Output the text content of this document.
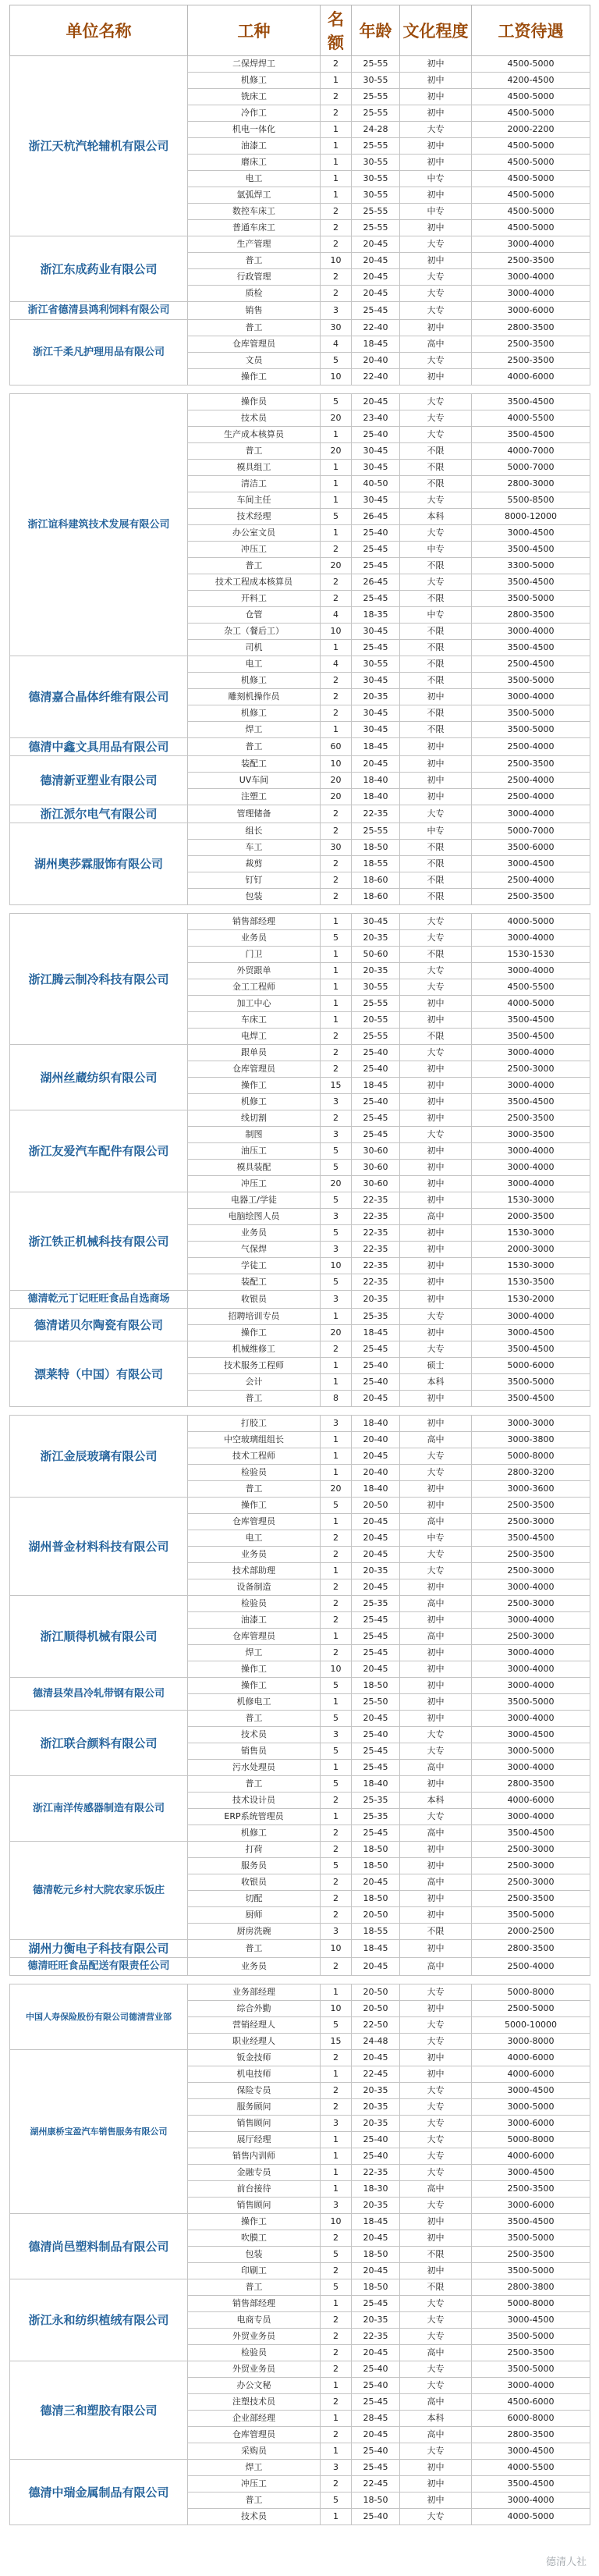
单位名称	工种	名额	年龄	文化程度	工资待遇
浙江天杭汽轮辅机有限公司	二保焊焊工	2	25-55	初中	4500-5000
	机修工	1	30-55	初中	4200-4500
	铣床工	2	25-55	初中	4500-5000
	冷作工	2	25-55	初中	4500-5000
	机电一体化	1	24-28	大专	2000-2200
	油漆工	1	25-55	初中	4500-5000
	磨床工	1	30-55	初中	4500-5000
	电工	1	30-55	中专	4500-5000
	氩弧焊工	1	30-55	初中	4500-5000
	数控车床工	2	25-55	中专	4500-5000
	普通车床工	2	25-55	初中	4500-5000
浙江东成药业有限公司	生产管理	2	20-45	大专	3000-4000
	普工	10	20-45	初中	2500-3500
	行政管理	2	20-45	大专	3000-4000
	质检	2	20-45	大专	3000-4000
浙江省德清县鸿利饲料有限公司	销售	3	25-45	大专	3000-6000
浙江千柔凡护理用品有限公司	普工	30	22-40	初中	2800-3500
	仓库管理员	4	18-45	高中	2500-3500
	文员	5	20-40	大专	2500-3500
	操作工	10	22-40	初中	4000-6000

浙江谊科建筑技术发展有限公司	操作员	5	20-45	大专	3500-4500
	技术员	20	23-40	大专	4000-5500
	生产成本核算员	1	25-40	大专	3500-4500
	普工	20	30-45	不限	4000-7000
	模具组工	1	30-45	不限	5000-7000
	清洁工	1	40-50	不限	2800-3000
	车间主任	1	30-45	大专	5500-8500
	技术经理	5	26-45	本科	8000-12000
	办公室文员	1	25-40	大专	3000-4500
	冲压工	2	25-45	中专	3500-4500
	普工	20	25-45	不限	3300-5000
	技术工程成本核算员	2	26-45	大专	3500-4500
	开料工	2	25-45	不限	3500-5000
	仓管	4	18-35	中专	2800-3500
	杂工（餐后工）	10	30-45	不限	3000-4000
	司机	1	25-45	不限	3500-4500
德清嘉合晶体纤维有限公司	电工	4	30-55	不限	2500-4500
	机修工	2	30-45	不限	3500-5000
	雕刻机操作员	2	20-35	初中	3000-4000
	机修工	2	30-45	不限	3500-5000
	焊工	1	30-45	不限	3500-5000
德清中鑫文具用品有限公司	普工	60	18-45	初中	2500-4000
德清新亚塑业有限公司	装配工	10	20-45	初中	2500-3500
	UV车间	20	18-40	初中	2500-4000
	注塑工	20	18-40	初中	2500-4000
浙江派尔电气有限公司	管理储备	2	22-35	大专	3000-4000
湖州奥莎霖服饰有限公司	组长	2	25-55	中专	5000-7000
	车工	30	18-50	不限	3500-6000
	裁剪	2	18-55	不限	3000-4500
	钉钉	2	18-60	不限	2500-4000
	包装	2	18-60	不限	2500-3500

浙江腾云制冷科技有限公司	销售部经理	1	30-45	大专	4000-5000
	业务员	5	20-35	大专	3000-4000
	门卫	1	50-60	不限	1530-1530
	外贸跟单	1	20-35	大专	3000-4000
	金工工程师	1	30-55	大专	4500-5500
	加工中心	1	25-55	初中	4000-5000
	车床工	1	20-55	初中	3500-4500
	电焊工	2	25-55	不限	3500-4500
湖州丝蔵纺织有限公司	跟单员	2	25-40	大专	3000-4000
	仓库管理员	2	25-40	初中	2500-3000
	操作工	15	18-45	初中	3000-4000
	机修工	3	25-40	初中	3500-4500
浙江友爱汽车配件有限公司	线切割	2	25-45	初中	2500-3500
	制图	3	25-45	大专	3000-3500
	油压工	5	30-60	初中	3000-4000
	模具装配	5	30-60	初中	3000-4000
	冲压工	20	30-60	初中	3000-4000
浙江铁正机械科技有限公司	电器工/学徒	5	22-35	初中	1530-3000
	电脑绘图人员	3	22-35	高中	2000-3500
	业务员	5	22-35	初中	1530-3000
	气保焊	3	22-35	初中	2000-3000
	学徒工	10	22-35	初中	1530-3000
	装配工	5	22-35	初中	1530-3500
德清乾元丁记旺旺食品自选商场	收银员	3	20-35	初中	1530-2000
德清诺贝尔陶瓷有限公司	招聘培训专员	1	25-35	大专	3000-4000
	操作工	20	18-45	初中	3000-4500
漂莱特（中国）有限公司	机械维修工	2	25-45	大专	3500-4500
	技术服务工程师	1	25-40	硕士	5000-6000
	会计	1	25-40	本科	3500-5000
	普工	8	20-45	初中	3500-4500

浙江金辰玻璃有限公司	打胶工	3	18-40	初中	3000-3000
	中空玻璃组组长	1	20-40	高中	3000-3800
	技术工程师	1	20-45	大专	5000-8000
	检验员	1	20-40	大专	2800-3200
	普工	20	18-40	初中	3000-3600
湖州普金材料科技有限公司	操作工	5	20-50	初中	2500-3500
	仓库管理员	1	20-45	高中	2500-3000
	电工	2	20-45	中专	3500-4500
	业务员	2	20-45	大专	2500-3500
	技术部助理	1	20-35	大专	2500-3000
	设备制造	2	20-45	初中	3000-4000
浙江顺得机械有限公司	检验员	2	25-35	高中	2500-3000
	油漆工	2	25-45	初中	3000-4000
	仓库管理员	1	25-45	高中	2500-3000
	焊工	2	25-45	初中	3000-4000
	操作工	10	20-45	初中	3000-4000
德清县荣昌冷轧带钢有限公司	操作工	5	18-50	初中	3000-4000
	机修电工	1	25-50	初中	3500-5000
浙江联合颜料有限公司	普工	5	20-45	初中	3000-4000
	技术员	3	25-40	大专	3000-4500
	销售员	5	25-45	大专	3000-5000
	污水处理员	1	25-45	高中	3000-4000
浙江南洋传感器制造有限公司	普工	5	18-40	初中	2800-3500
	技术设计员	2	25-35	本科	4000-6000
	ERP系统管理员	1	25-35	大专	3000-4000
	机修工	2	25-45	高中	3500-4500
德清乾元乡村大院农家乐饭庄	打荷	2	18-50	初中	2500-3000
	服务员	5	18-50	初中	2500-3000
	收银员	2	20-45	高中	2500-3000
	切配	2	18-50	初中	2500-3500
	厨师	2	20-50	初中	3500-5000
	厨房洗碗	3	18-55	不限	2000-2500
湖州力衡电子科技有限公司	普工	10	18-45	初中	2800-3500
德清旺旺食品配送有限责任公司	业务员	2	20-45	高中	2500-4000

中国人寿保险股份有限公司德清营业部	业务部经理	1	20-50	大专	5000-8000
	综合外勤	10	20-50	初中	2500-5000
	营销经理人	5	22-50	大专	5000-10000
	职业经理人	15	24-48	大专	3000-8000
湖州康桥宝盈汽车销售服务有限公司	钣金技师	2	20-45	初中	4000-6000
	机电技师	1	22-45	初中	4000-6000
	保险专员	2	20-35	大专	3000-4500
	服务顾问	2	20-35	大专	3000-5000
	销售顾问	3	20-35	大专	3000-6000
	展厅经理	1	25-40	大专	5000-8000
	销售内训师	1	25-40	大专	4000-6000
	金融专员	1	22-35	大专	3000-4500
	前台接待	1	18-30	高中	2500-3500
	销售顾问	3	20-35	大专	3000-6000
德清尚邑塑料制品有限公司	操作工	10	18-45	初中	3500-4500
	吹膜工	2	20-45	初中	3500-5000
	包装	5	18-50	不限	2500-3500
	印刷工	2	20-45	初中	3500-5000
浙江永和纺织植绒有限公司	普工	5	18-50	不限	2800-3800
	销售部经理	1	25-45	大专	5000-8000
	电商专员	2	20-35	大专	3000-4500
	外贸业务员	2	22-35	大专	3500-5000
	检验员	2	20-45	高中	2500-3500
德清三和塑胶有限公司	外贸业务员	2	25-40	大专	3500-5000
	办公文秘	1	25-40	大专	3000-4000
	注塑技术员	2	25-45	高中	4500-6000
	企业部经理	1	28-45	本科	6000-8000
	仓库管理员	2	20-45	高中	2800-3500
	采购员	1	25-40	大专	3000-4500
德清中瑞金属制品有限公司	焊工	3	25-45	初中	4000-5500
	冲压工	2	22-45	初中	3500-4500
	普工	5	18-50	初中	3000-4000
	技术员	1	25-40	大专	4000-5000
德清人社
